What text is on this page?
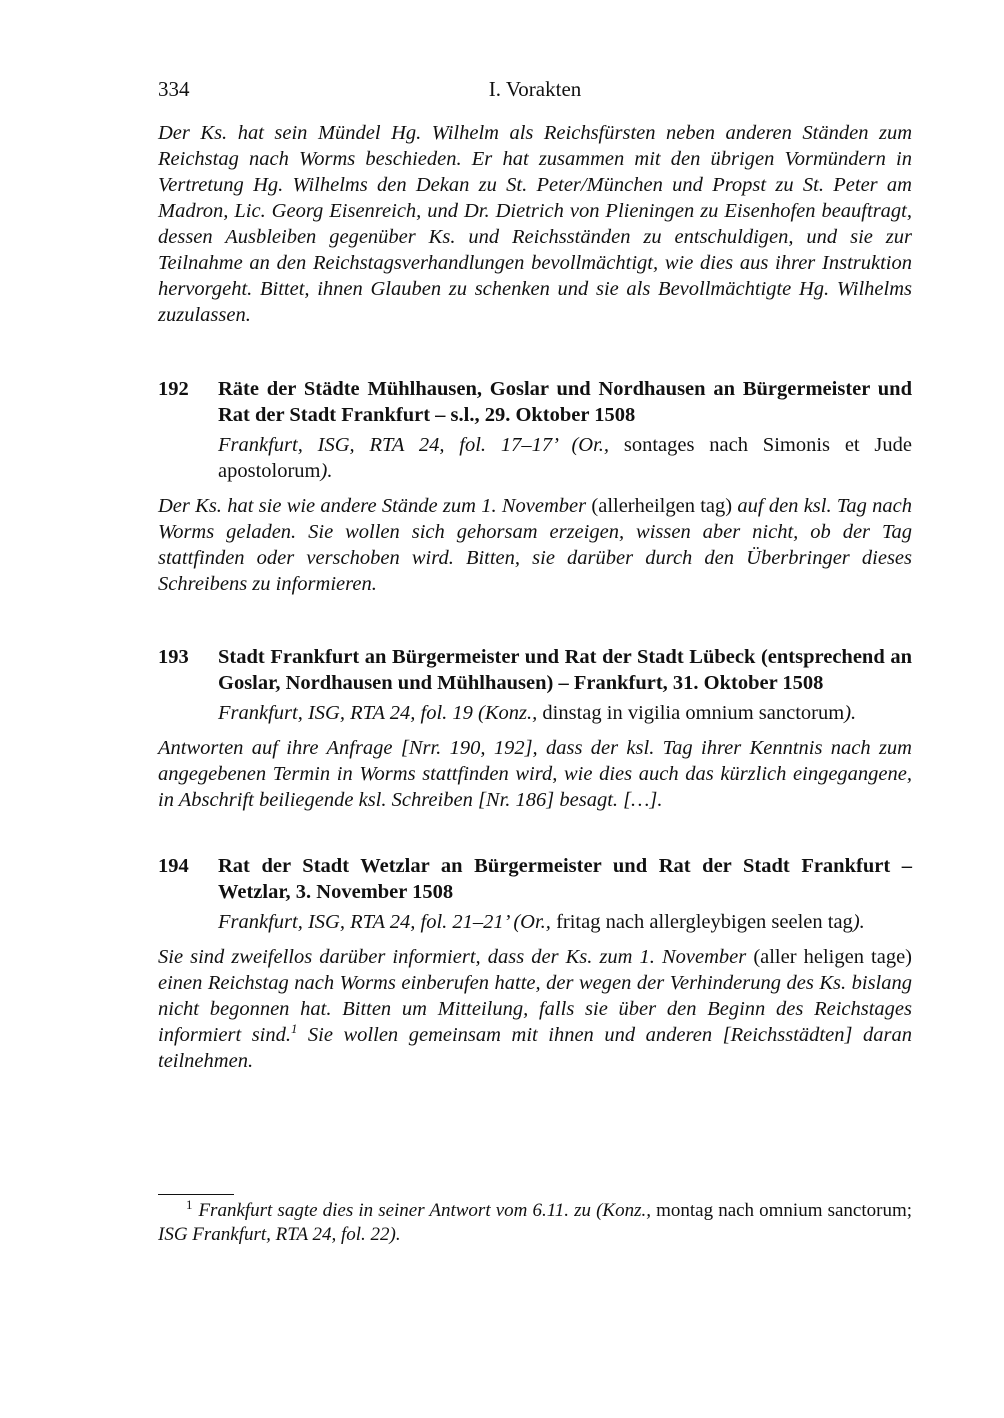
334	I. Vorakten

Der Ks. hat sein Mündel Hg. Wilhelm als Reichsfürsten neben anderen Ständen zum Reichstag nach Worms beschieden. Er hat zusammen mit den übrigen Vormündern in Vertretung Hg. Wilhelms den Dekan zu St. Peter/München und Propst zu St. Peter am Madron, Lic. Georg Eisenreich, und Dr. Dietrich von Plieningen zu Eisenhofen beauftragt, dessen Ausbleiben gegenüber Ks. und Reichsständen zu entschuldigen, und sie zur Teilnahme an den Reichstagsverhandlungen bevollmächtigt, wie dies aus ihrer Instruktion hervorgeht. Bittet, ihnen Glauben zu schenken und sie als Bevollmächtigte Hg. Wilhelms zuzulassen.

192 Räte der Städte Mühlhausen, Goslar und Nordhausen an Bürgermeister und Rat der Stadt Frankfurt – s.l., 29. Oktober 1508

Frankfurt, ISG, RTA 24, fol. 17–17’ (Or., sontages nach Simonis et Jude apostolorum).

Der Ks. hat sie wie andere Stände zum 1. November (allerheilgen tag) auf den ksl. Tag nach Worms geladen. Sie wollen sich gehorsam erzeigen, wissen aber nicht, ob der Tag stattfinden oder verschoben wird. Bitten, sie darüber durch den Überbringer dieses Schreibens zu informieren.

193 Stadt Frankfurt an Bürgermeister und Rat der Stadt Lübeck (entsprechend an Goslar, Nordhausen und Mühlhausen) – Frankfurt, 31. Oktober 1508

Frankfurt, ISG, RTA 24, fol. 19 (Konz., dinstag in vigilia omnium sanctorum).

Antworten auf ihre Anfrage [Nrr. 190, 192], dass der ksl. Tag ihrer Kenntnis nach zum angegebenen Termin in Worms stattfinden wird, wie dies auch das kürzlich eingegangene, in Abschrift beiliegende ksl. Schreiben [Nr. 186] besagt. […].

194 Rat der Stadt Wetzlar an Bürgermeister und Rat der Stadt Frankfurt – Wetzlar, 3. November 1508

Frankfurt, ISG, RTA 24, fol. 21–21’ (Or., fritag nach allergleybigen seelen tag).

Sie sind zweifellos darüber informiert, dass der Ks. zum 1. November (aller heligen tage) einen Reichstag nach Worms einberufen hatte, der wegen der Verhinderung des Ks. bislang nicht begonnen hat. Bitten um Mitteilung, falls sie über den Beginn des Reichstages informiert sind.$^1$ Sie wollen gemeinsam mit ihnen und anderen [Reichsstädten] daran teilnehmen.

$^1$ Frankfurt sagte dies in seiner Antwort vom 6.11. zu (Konz., montag nach omnium sanctorum; ISG Frankfurt, RTA 24, fol. 22).
